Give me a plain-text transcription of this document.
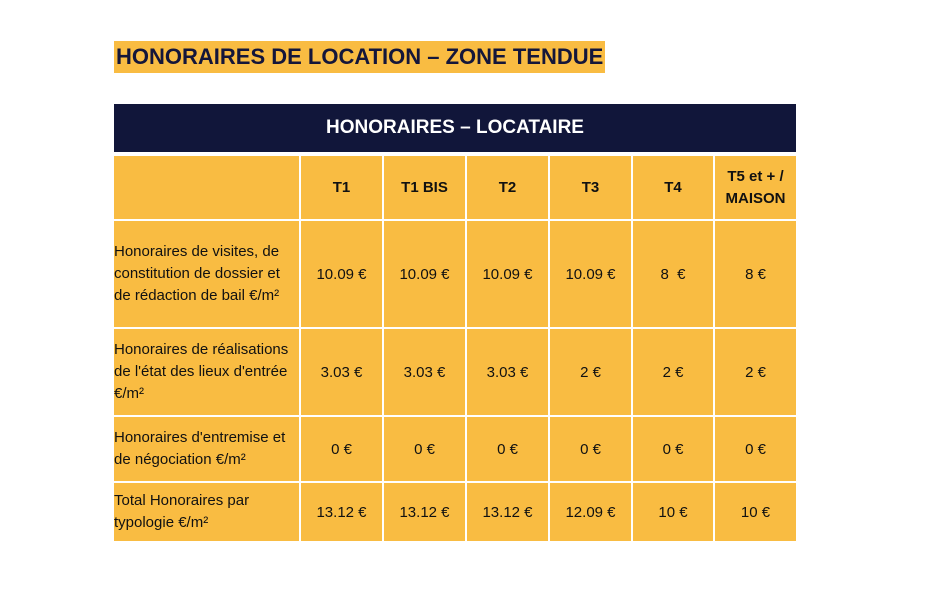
HONORAIRES DE LOCATION – ZONE TENDUE
HONORAIRES – LOCATAIRE						
	T1	T1 BIS	T2	T3	T4	T5 et + / MAISON
Honoraires de visites, de constitution de dossier et de rédaction de bail €/m²	10.09 €	10.09 €	10.09 €	10.09 €	8  €	8 €
Honoraires de réalisations de l'état des lieux d'entrée €/m²	3.03 €	3.03 €	3.03 €	2 €	2 €	2 €
Honoraires d'entremise et de négociation €/m²	0 €	0 €	0 €	0 €	0 €	0 €
Total Honoraires par typologie €/m²	13.12 €	13.12 €	13.12 €	12.09 €	10 €	10 €
